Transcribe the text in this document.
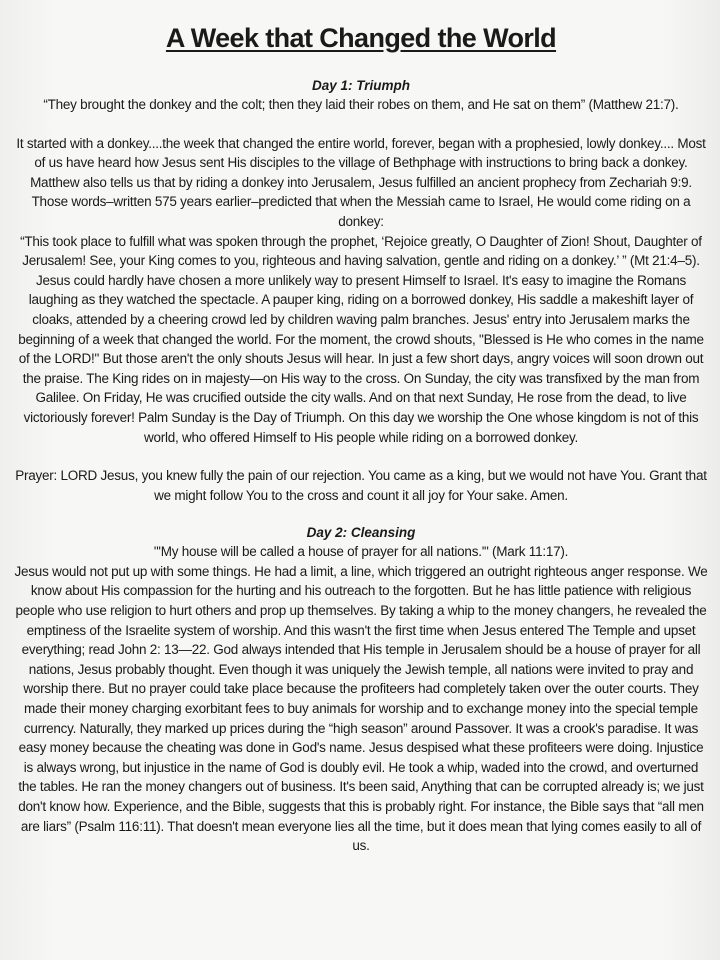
A Week that Changed the World
Day 1: Triumph

“They brought the donkey and the colt; then they laid their robes on them, and He sat on them” (Matthew 21:7).

It started with a donkey....the week that changed the entire world, forever, began with a prophesied, lowly donkey.... Most of us have heard how Jesus sent His disciples to the village of Bethphage with instructions to bring back a donkey. Matthew also tells us that by riding a donkey into Jerusalem, Jesus fulfilled an ancient prophecy from Zechariah 9:9. Those words–written 575 years earlier–predicted that when the Messiah came to Israel, He would come riding on a donkey:

“This took place to fulfill what was spoken through the prophet, ‘Rejoice greatly, O Daughter of Zion! Shout, Daughter of Jerusalem! See, your King comes to you, righteous and having salvation, gentle and riding on a donkey.’ ” (Mt 21:4–5).

Jesus could hardly have chosen a more unlikely way to present Himself to Israel. It's easy to imagine the Romans laughing as they watched the spectacle. A pauper king, riding on a borrowed donkey, His saddle a makeshift layer of cloaks, attended by a cheering crowd led by children waving palm branches. Jesus' entry into Jerusalem marks the beginning of a week that changed the world. For the moment, the crowd shouts, "Blessed is He who comes in the name of the LORD!" But those aren't the only shouts Jesus will hear. In just a few short days, angry voices will soon drown out the praise. The King rides on in majesty—on His way to the cross. On Sunday, the city was transfixed by the man from Galilee. On Friday, He was crucified outside the city walls. And on that next Sunday, He rose from the dead, to live victoriously forever! Palm Sunday is the Day of Triumph. On this day we worship the One whose kingdom is not of this world, who offered Himself to His people while riding on a borrowed donkey.

Prayer: LORD Jesus, you knew fully the pain of our rejection. You came as a king, but we would not have You. Grant that we might follow You to the cross and count it all joy for Your sake. Amen.

Day 2: Cleansing

"'My house will be called a house of prayer for all nations.'" (Mark 11:17).

Jesus would not put up with some things. He had a limit, a line, which triggered an outright righteous anger response. We know about His compassion for the hurting and his outreach to the forgotten. But he has little patience with religious people who use religion to hurt others and prop up themselves. By taking a whip to the money changers, he revealed the emptiness of the Israelite system of worship. And this wasn't the first time when Jesus entered The Temple and upset everything; read John 2: 13—22. God always intended that His temple in Jerusalem should be a house of prayer for all nations, Jesus probably thought. Even though it was uniquely the Jewish temple, all nations were invited to pray and worship there. But no prayer could take place because the profiteers had completely taken over the outer courts. They made their money charging exorbitant fees to buy animals for worship and to exchange money into the special temple currency. Naturally, they marked up prices during the “high season” around Passover. It was a crook's paradise. It was easy money because the cheating was done in God's name. Jesus despised what these profiteers were doing. Injustice is always wrong, but injustice in the name of God is doubly evil. He took a whip, waded into the crowd, and overturned the tables. He ran the money changers out of business. It's been said, Anything that can be corrupted already is; we just don't know how. Experience, and the Bible, suggests that this is probably right. For instance, the Bible says that “all men are liars” (Psalm 116:11). That doesn't mean everyone lies all the time, but it does mean that lying comes easily to all of us.
